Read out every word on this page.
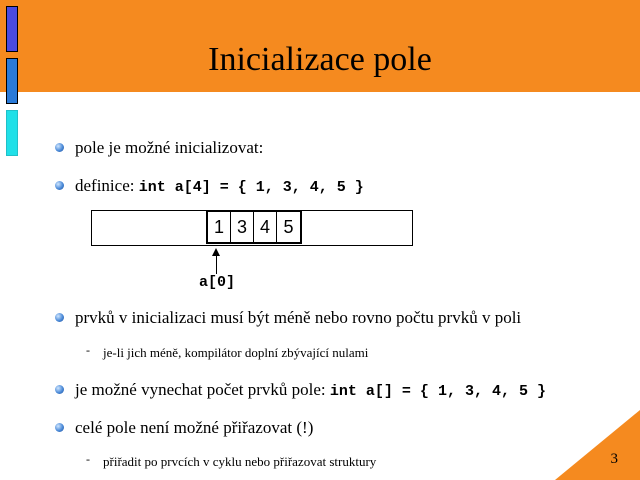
Inicializace pole
pole je možné inicializovat:
definice: int a[4] = { 1, 3, 4, 5 }
1 3 4 5
a[0]
prvků v inicializaci musí být méně nebo rovno počtu prvků v poli
- je-li jich méně, kompilátor doplní zbývající nulami
je možné vynechat počet prvků pole: int a[] = { 1, 3, 4, 5 }
celé pole není možné přiřazovat (!)
- přiřadit po prvcích v cyklu nebo přiřazovat struktury	3
